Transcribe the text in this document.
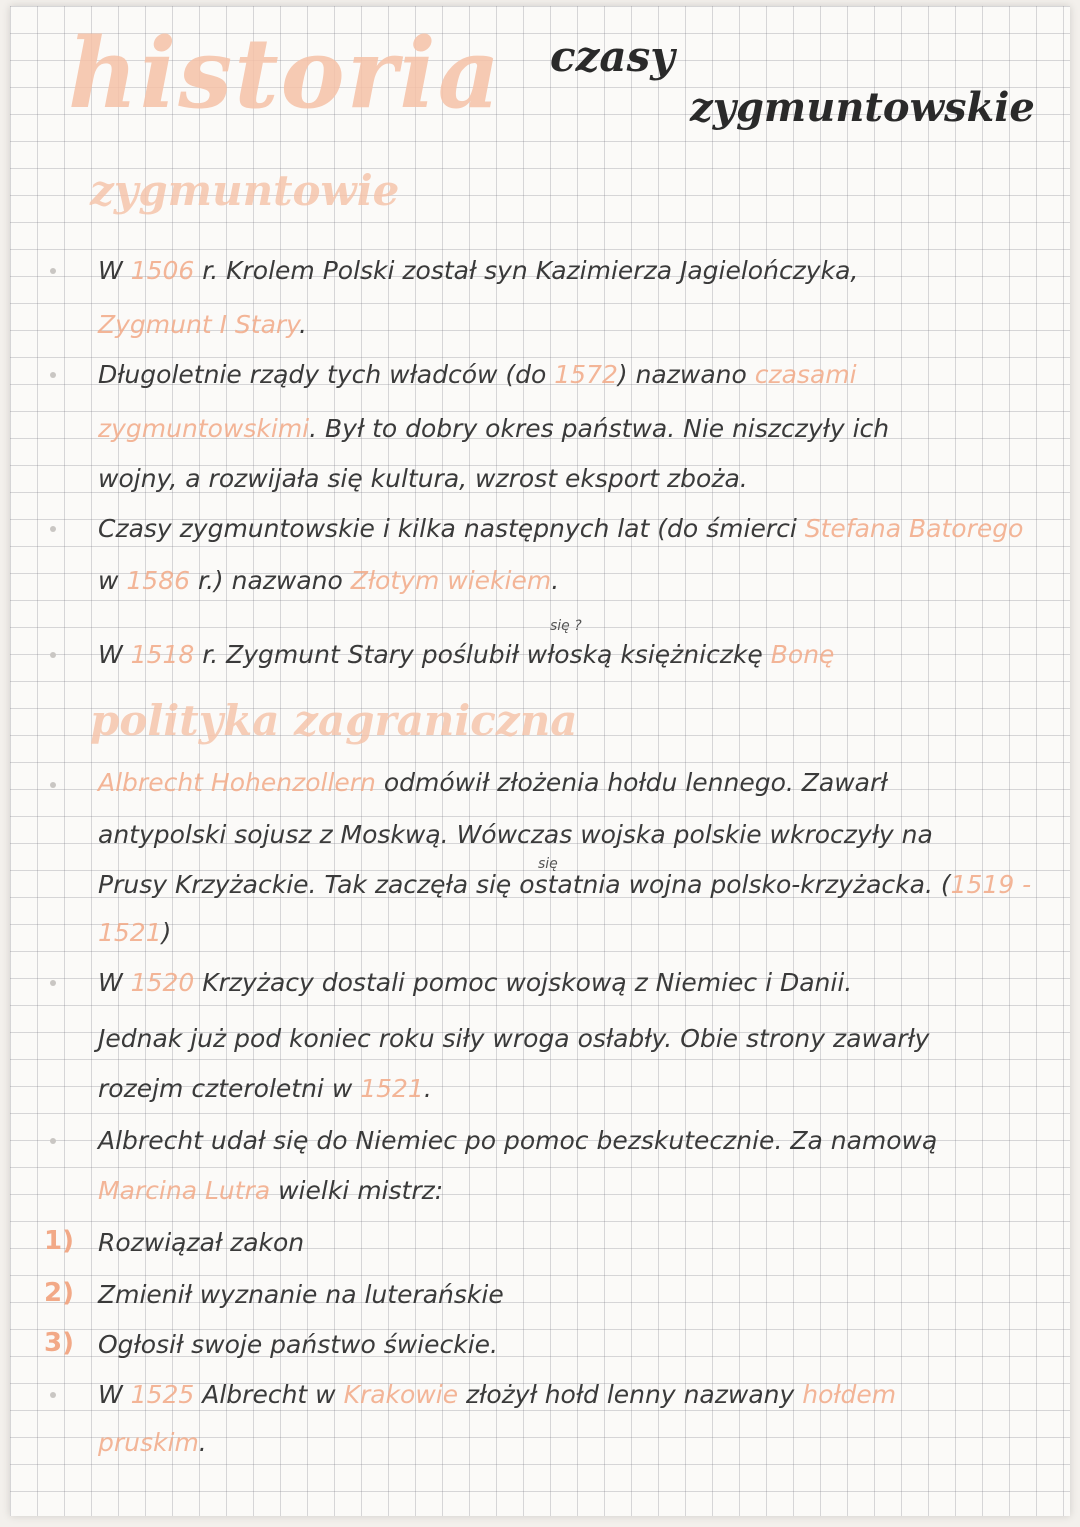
historia czasy
zygmuntowskie
zygmuntowie
W 1506 r. Krolem Polski został syn Kazimierza Jagielończyka,
Zygmunt I Stary.
Długoletnie rządy tych władców (do 1572) nazwano czasami
zygmuntowskimi. Był to dobry okres państwa. Nie niszczyły ich
wojny, a rozwijała się kultura, wzrost eksport zboża.
Czasy zygmuntowskie i kilka następnych lat (do śmierci Stefana Batorego
w 1586 r.) nazwano Złotym wiekiem.
się ?
W 1518 r. Zygmunt Stary poślubił włoską księżniczkę Bonę
polityka zagraniczna
Albrecht Hohenzollern odmówił złożenia hołdu lennego. Zawarł
antypolski sojusz z Moskwą. Wówczas wojska polskie wkroczyły na
się
Prusy Krzyżackie. Tak zaczęła się ostatnia wojna polsko-krzyżacka. (1519 -
1521)
W 1520 Krzyżacy dostali pomoc wojskową z Niemiec i Danii.
Jednak już pod koniec roku siły wroga osłabły. Obie strony zawarły
rozejm czteroletni w 1521.
Albrecht udał się do Niemiec po pomoc bezskutecznie. Za namową
Marcina Lutra wielki mistrz:
1) Rozwiązał zakon
2) Zmienił wyznanie na luterańskie
3) Ogłosił swoje państwo świeckie.
W 1525 Albrecht w Krakowie złożył hołd lenny nazwany hołdem
pruskim.
